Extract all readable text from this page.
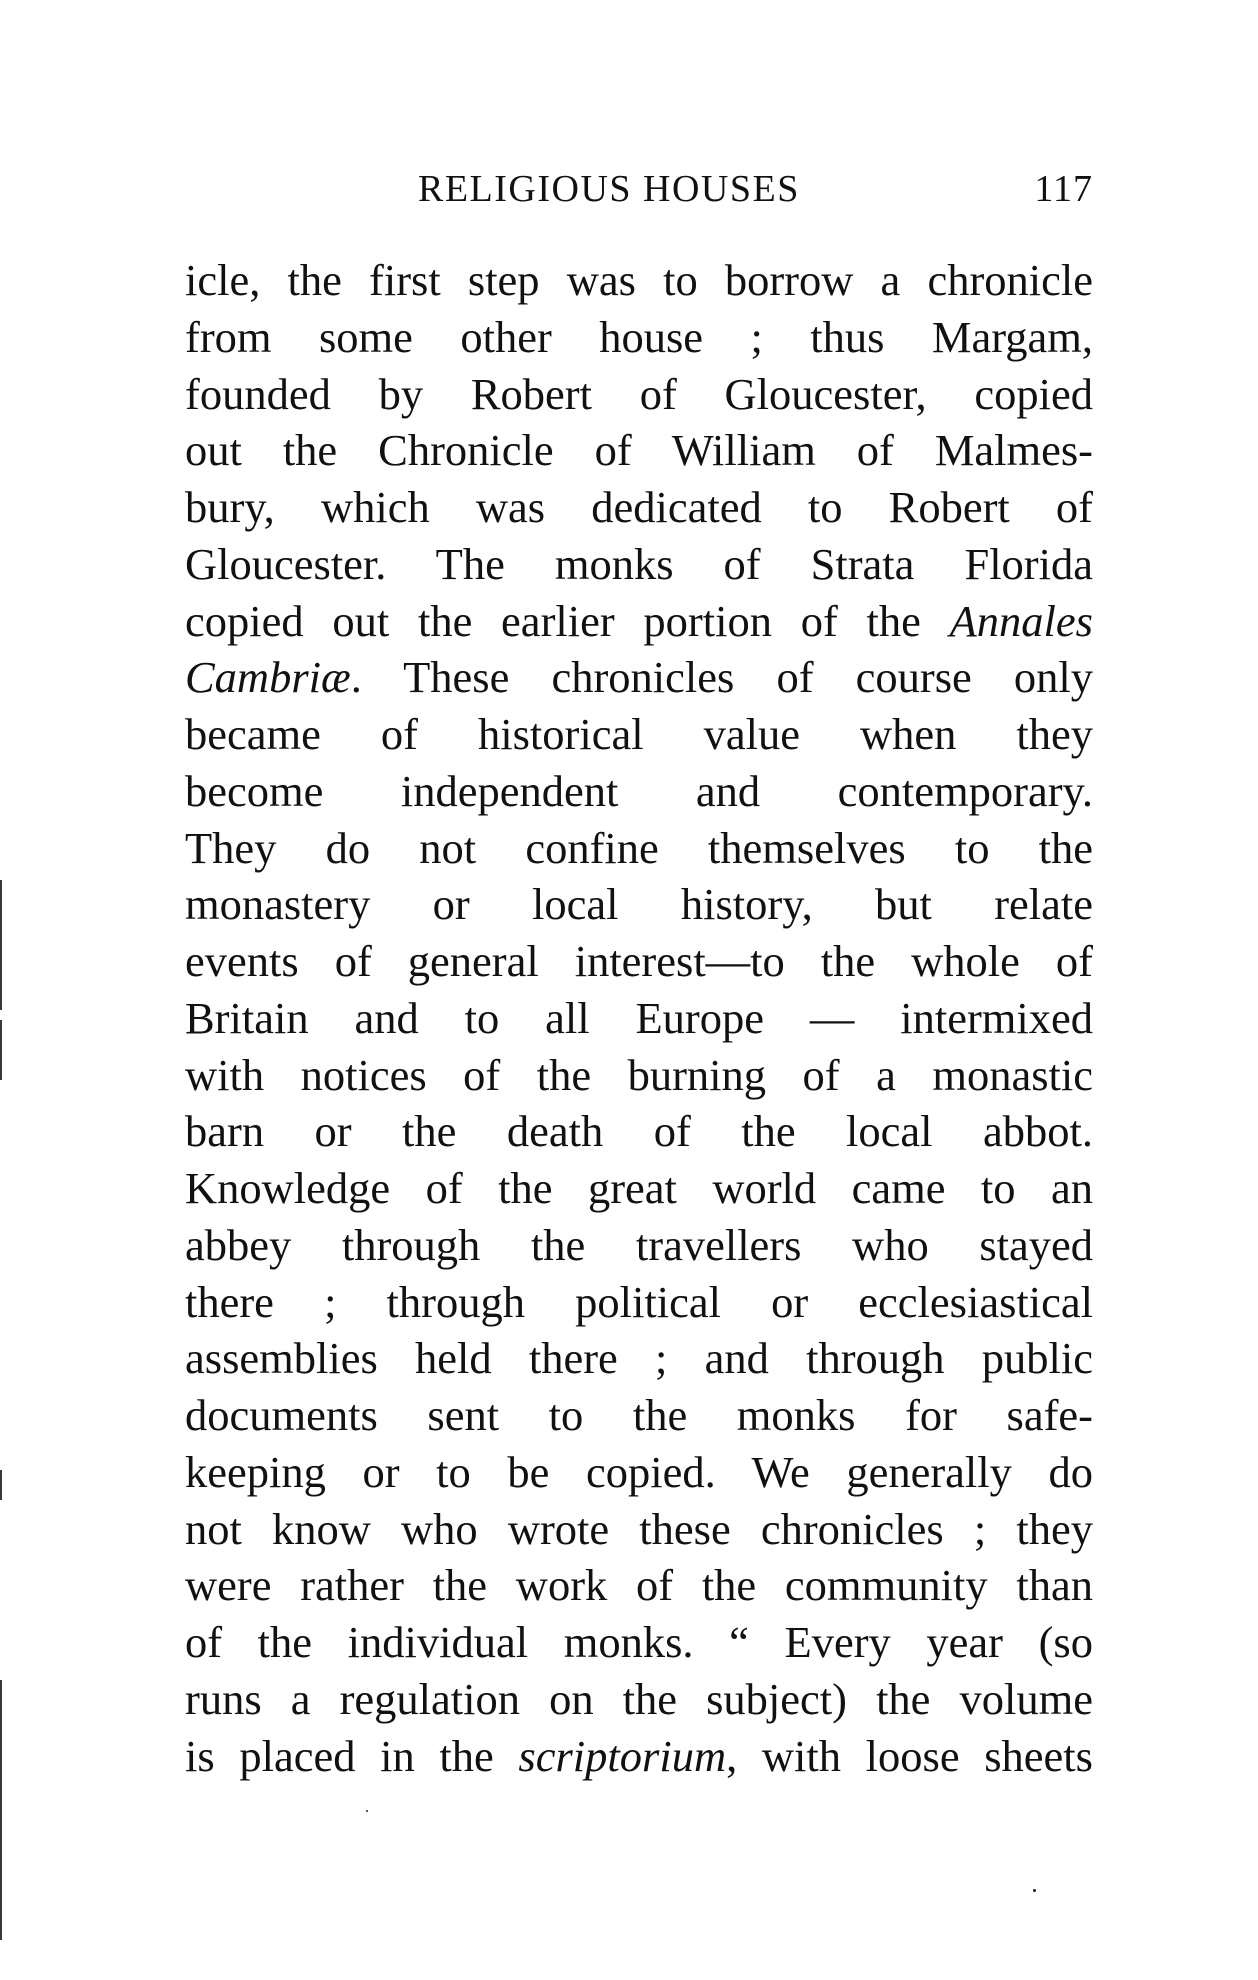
RELIGIOUS HOUSES	117
icle, the first step was to borrow a chronicle
from some other house ; thus Margam,
founded by Robert of Gloucester, copied
out the Chronicle of William of Malmes-
bury, which was dedicated to Robert of
Gloucester. The monks of Strata Florida
copied out the earlier portion of the Annales
Cambriæ. These chronicles of course only
became of historical value when they
become independent and contemporary.
They do not confine themselves to the
monastery or local history, but relate
events of general interest—to the whole of
Britain and to all Europe — intermixed
with notices of the burning of a monastic
barn or the death of the local abbot.
Knowledge of the great world came to an
abbey through the travellers who stayed
there ; through political or ecclesiastical
assemblies held there ; and through public
documents sent to the monks for safe-
keeping or to be copied. We generally do
not know who wrote these chronicles ; they
were rather the work of the community than
of the individual monks. “ Every year (so
runs a regulation on the subject) the volume
is placed in the scriptorium, with loose sheets
